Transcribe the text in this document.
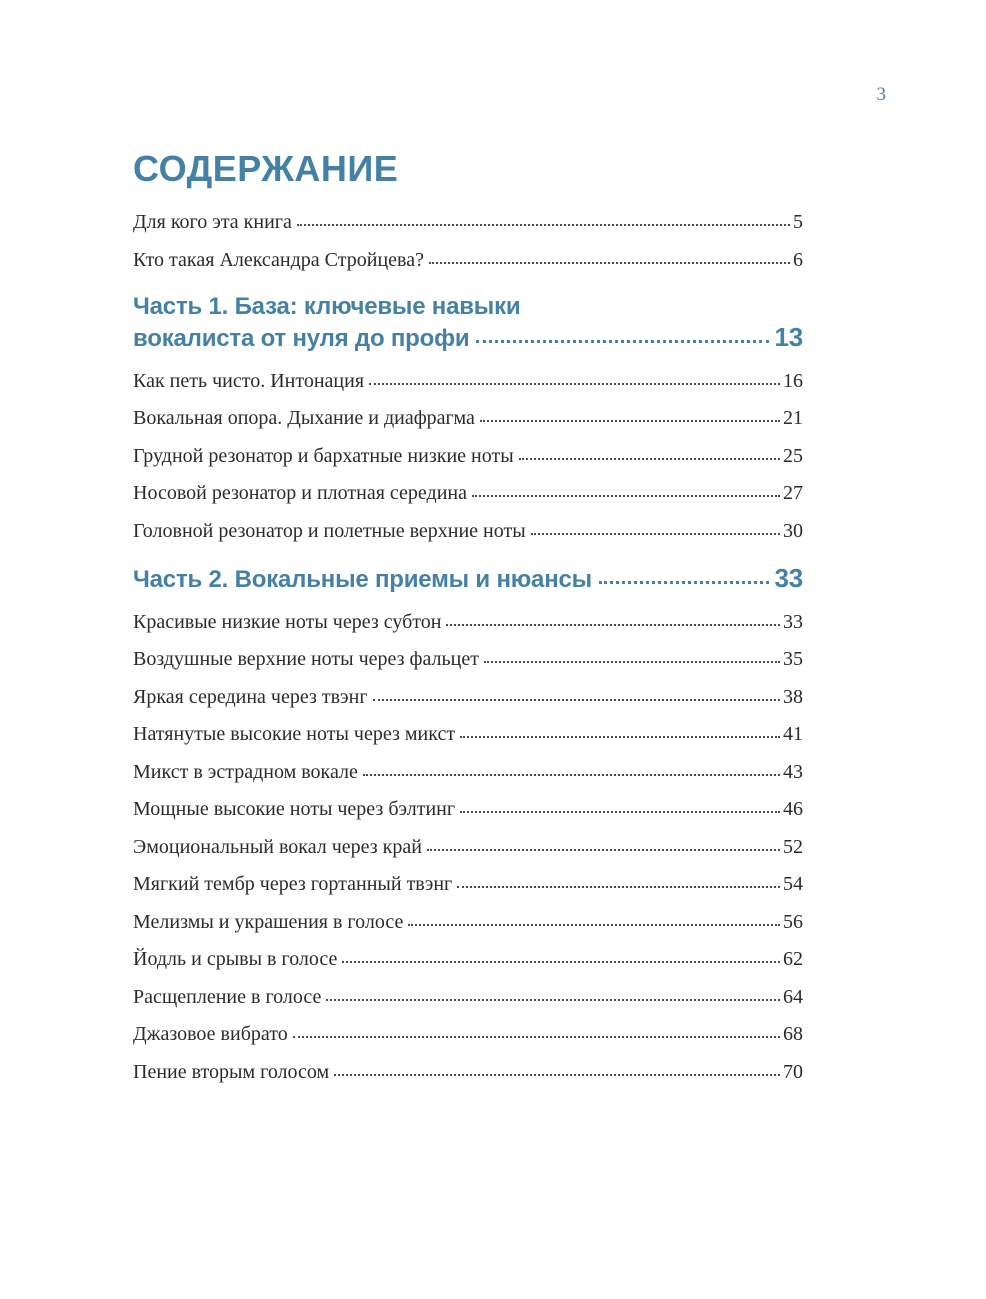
3
СОДЕРЖАНИЕ
Для кого эта книга	5
Кто такая Александра Стройцева?	6
Часть 1. База: ключевые навыки
вокалиста от нуля до профи	13
Как петь чисто. Интонация	16
Вокальная опора. Дыхание и диафрагма	21
Грудной резонатор и бархатные низкие ноты	25
Носовой резонатор и плотная середина	27
Головной резонатор и полетные верхние ноты	30
Часть 2. Вокальные приемы и нюансы	33
Красивые низкие ноты через субтон	33
Воздушные верхние ноты через фальцет	35
Яркая середина через твэнг	38
Натянутые высокие ноты через микст	41
Микст в эстрадном вокале	43
Мощные высокие ноты через бэлтинг	46
Эмоциональный вокал через край	52
Мягкий тембр через гортанный твэнг	54
Мелизмы и украшения в голосе	56
Йодль и срывы в голосе	62
Расщепление в голосе	64
Джазовое вибрато	68
Пение вторым голосом	70
